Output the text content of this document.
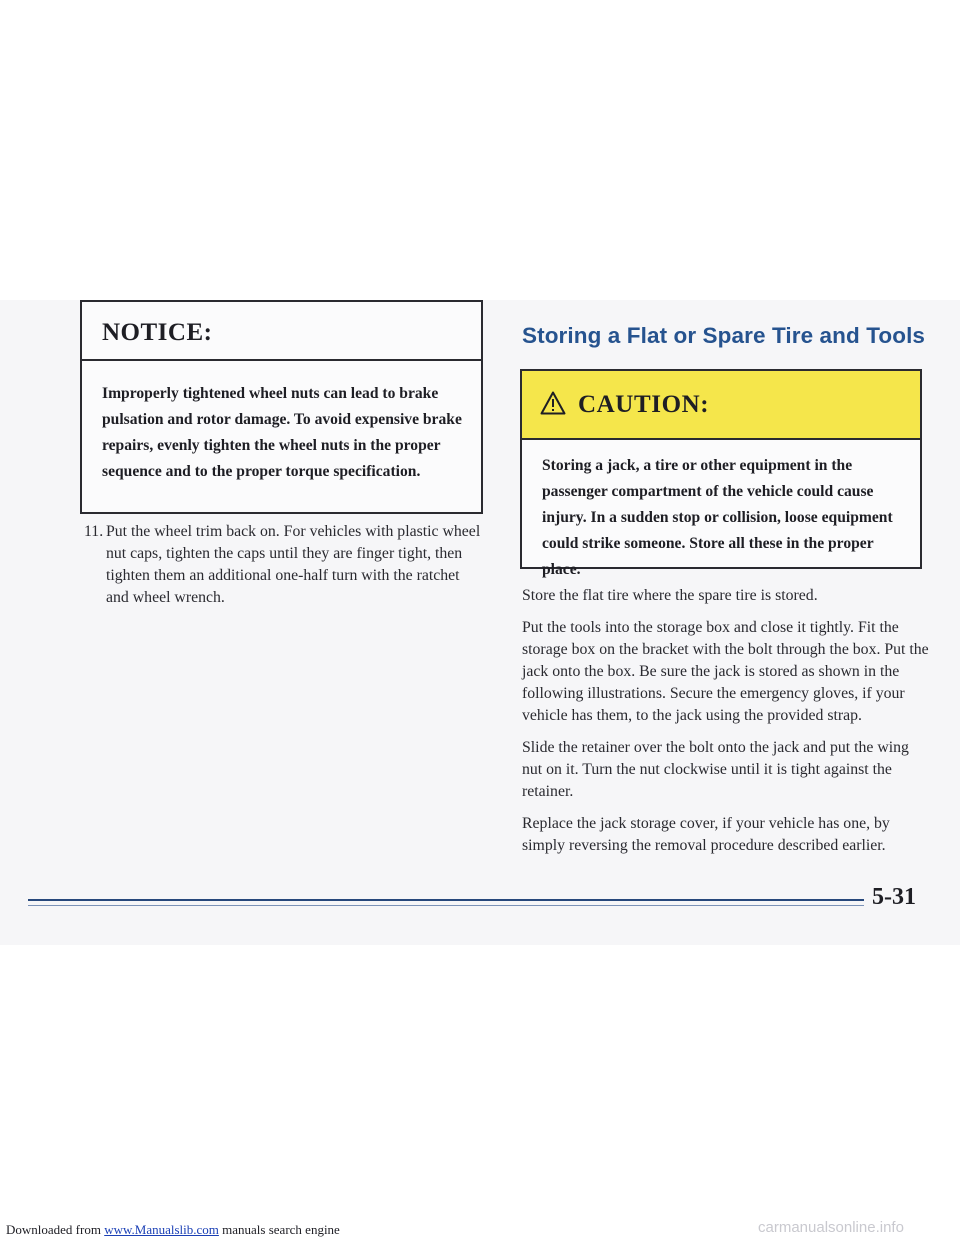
NOTICE:
Improperly tightened wheel nuts can lead to brake pulsation and rotor damage. To avoid expensive brake repairs, evenly tighten the wheel nuts in the proper sequence and to the proper torque specification.
11. Put the wheel trim back on. For vehicles with plastic wheel nut caps, tighten the caps until they are finger tight, then tighten them an additional one-half turn with the ratchet and wheel wrench.
Storing a Flat or Spare Tire and Tools
CAUTION:
Storing a jack, a tire or other equipment in the passenger compartment of the vehicle could cause injury. In a sudden stop or collision, loose equipment could strike someone. Store all these in the proper place.

Store the flat tire where the spare tire is stored.

Put the tools into the storage box and close it tightly. Fit the storage box on the bracket with the bolt through the box. Put the jack onto the box. Be sure the jack is stored as shown in the following illustrations. Secure the emergency gloves, if your vehicle has them, to the jack using the provided strap.

Slide the retainer over the bolt onto the jack and put the wing nut on it. Turn the nut clockwise until it is tight against the retainer.

Replace the jack storage cover, if your vehicle has one, by simply reversing the removal procedure described earlier.

5-31
Downloaded from www.Manualslib.com manuals search engine	carmanualsonline.info
